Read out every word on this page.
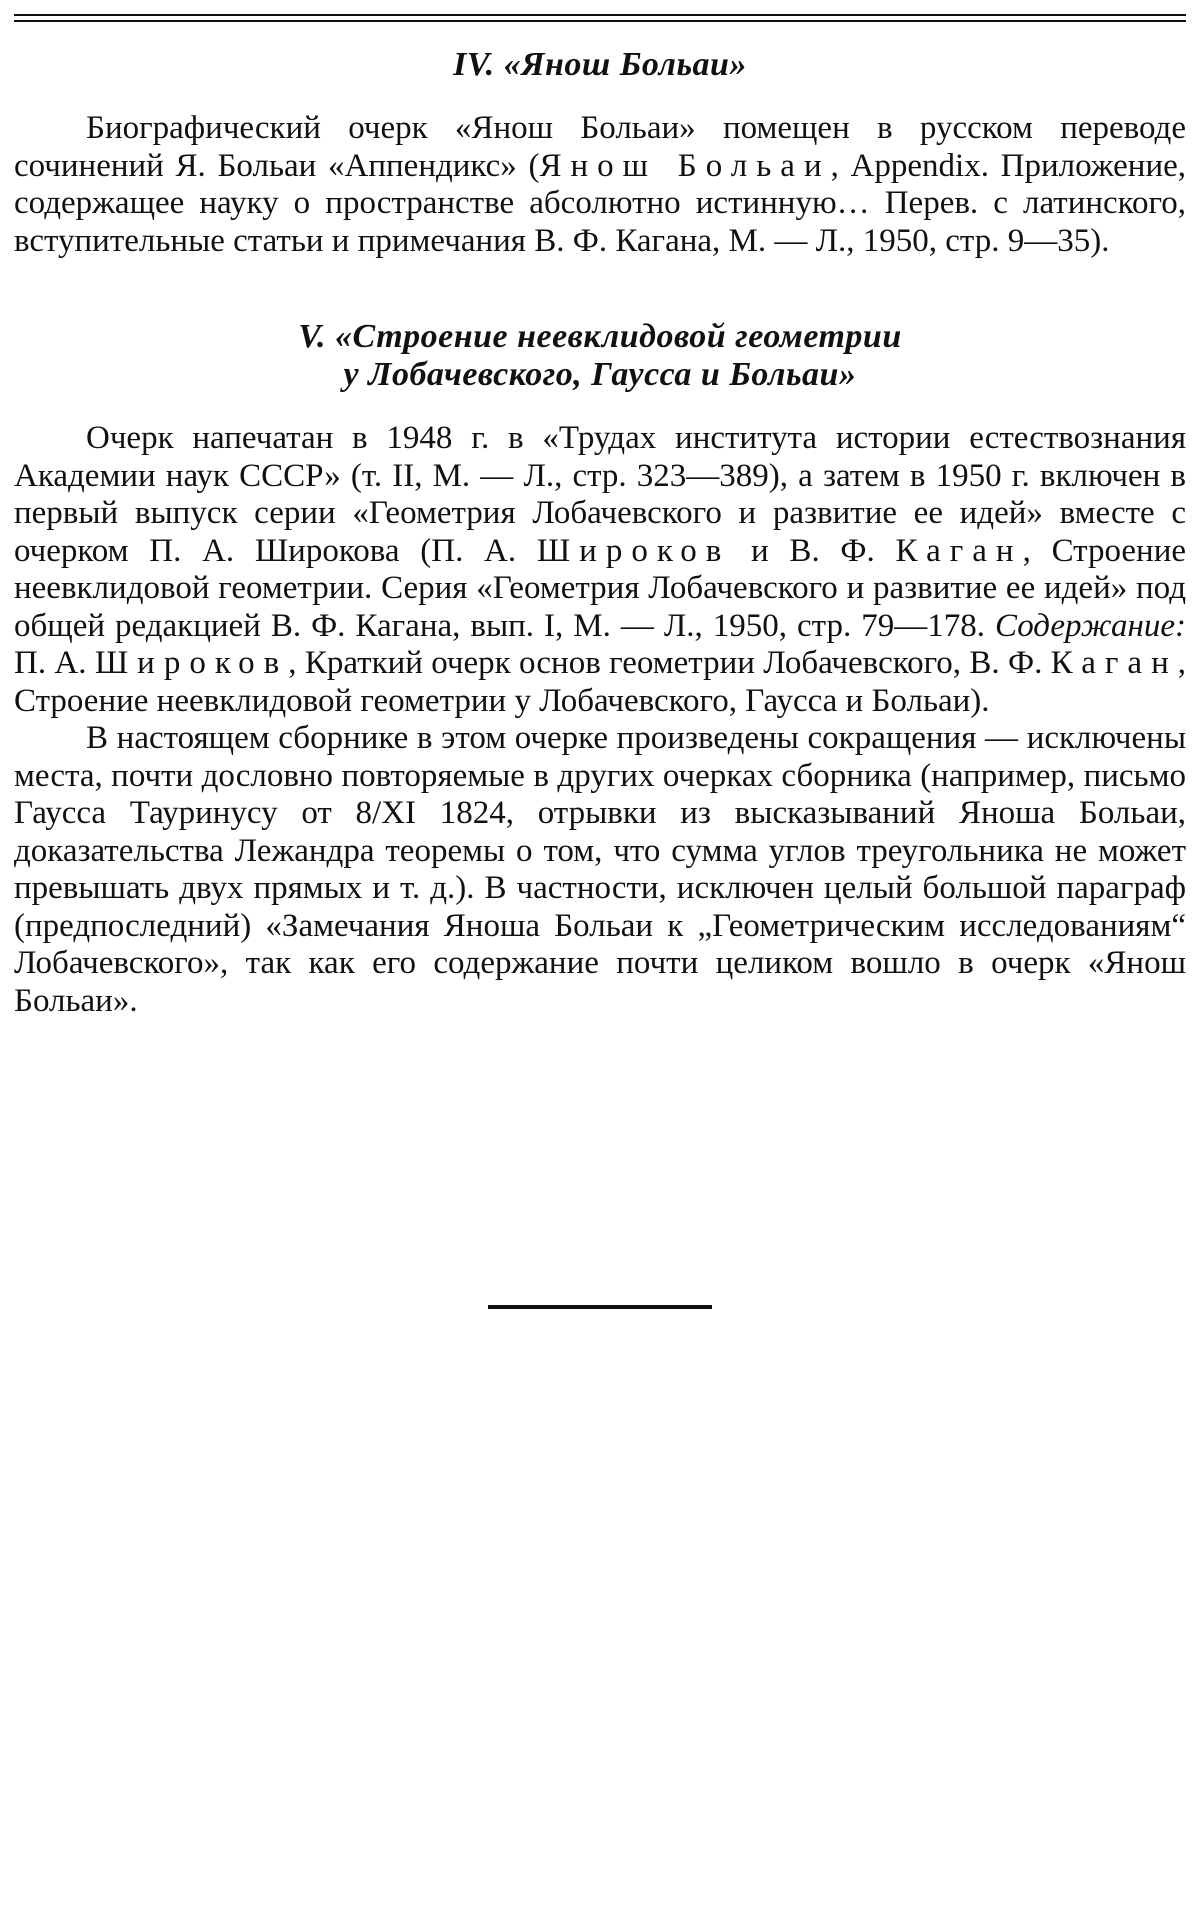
IV. «Янош Больаи»

Биографический очерк «Янош Больаи» помещен в русском переводе сочинений Я. Больаи «Аппендикс» (Янош Больаи, Appendix. Приложение, содержащее науку о пространстве абсолютно истинную… Перев. с латинского, вступительные статьи и примечания В. Ф. Кагана, М. — Л., 1950, стр. 9—35).

V. «Строение неевклидовой геометрии
у Лобачевского, Гаусса и Больаи»

Очерк напечатан в 1948 г. в «Трудах института истории естествознания Академии наук СССР» (т. II, М. — Л., стр. 323—389), а затем в 1950 г. включен в первый выпуск серии «Геометрия Лобачевского и развитие ее идей» вместе с очерком П. А. Широкова (П. А. Широков и В. Ф. Каган, Строение неевклидовой геометрии. Серия «Геометрия Лобачевского и развитие ее идей» под общей редакцией В. Ф. Кагана, вып. I, М. — Л., 1950, стр. 79—178. Содержание: П. А. Широков, Краткий очерк основ геометрии Лобачевского, В. Ф. Каган, Строение неевклидовой геометрии у Лобачевского, Гаусса и Больаи).

В настоящем сборнике в этом очерке произведены сокращения — исключены места, почти дословно повторяемые в других очерках сборника (например, письмо Гаусса Тауринусу от 8/XI 1824, отрывки из высказываний Яноша Больаи, доказательства Лежандра теоремы о том, что сумма углов треугольника не может превышать двух прямых и т. д.). В частности, исключен целый большой параграф (предпоследний) «Замечания Яноша Больаи к „Геометрическим исследованиям“ Лобачевского», так как его содержание почти целиком вошло в очерк «Янош Больаи».
